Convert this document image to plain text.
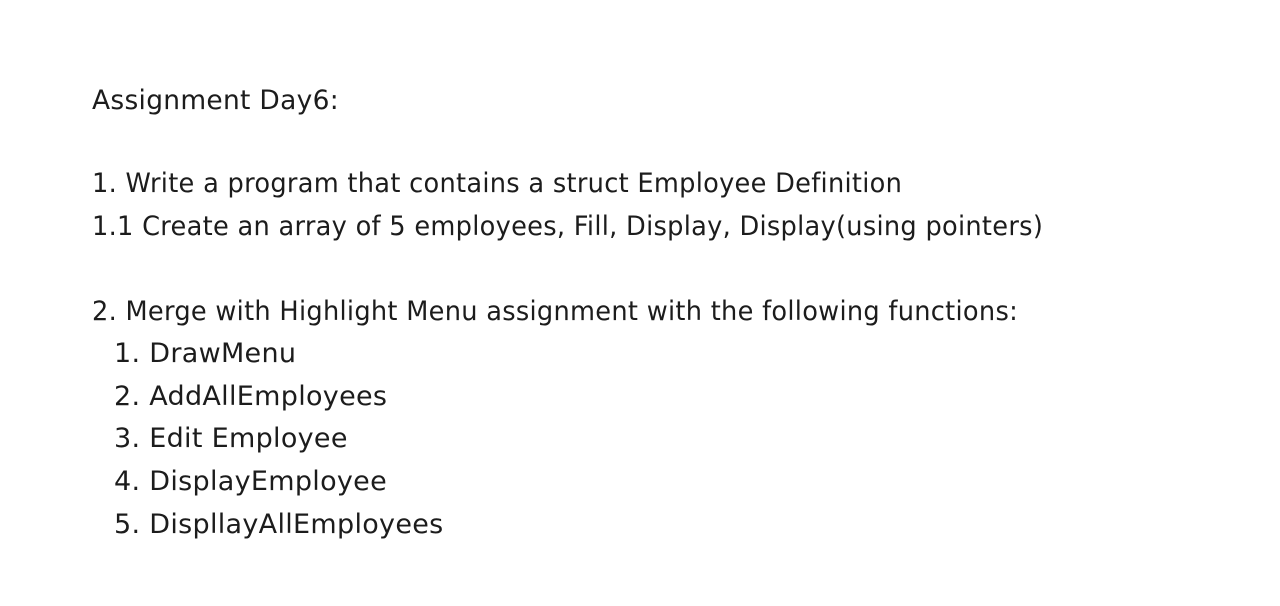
Assignment Day6:
1. Write a program that contains a struct Employee Definition
1.1 Create an array of 5 employees, Fill, Display, Display(using pointers)
2. Merge with Highlight Menu assignment with the following functions:
1. DrawMenu
2. AddAllEmployees
3. Edit Employee
4. DisplayEmployee
5. DispllayAllEmployees
